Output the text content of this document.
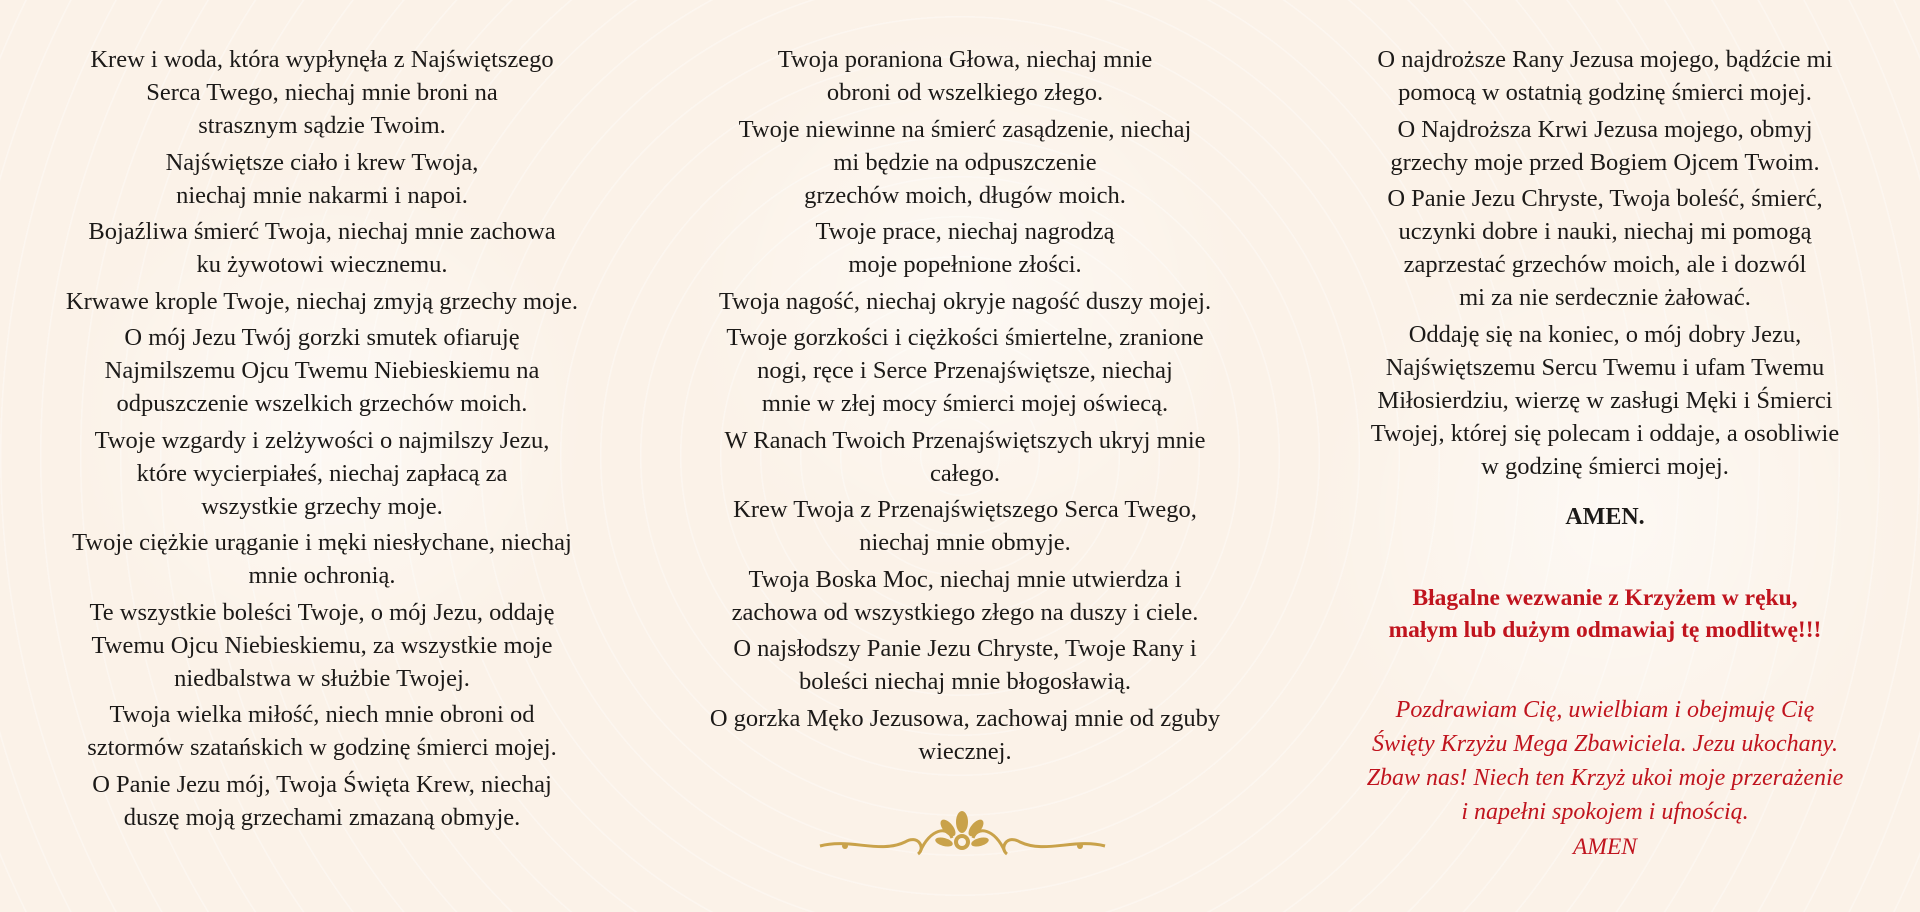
Krew i woda, która wypłynęła z Najświętszego
Serca Twego, niechaj mnie broni na
strasznym sądzie Twoim.
Najświętsze ciało i krew Twoja,
niechaj mnie nakarmi i napoi.
Bojaźliwa śmierć Twoja, niechaj mnie zachowa
ku żywotowi wiecznemu.
Krwawe krople Twoje, niechaj zmyją grzechy moje.
O mój Jezu Twój gorzki smutek ofiaruję
Najmilszemu Ojcu Twemu Niebieskiemu na
odpuszczenie wszelkich grzechów moich.
Twoje wzgardy i zelżywości o najmilszy Jezu,
które wycierpiałeś, niechaj zapłacą za
wszystkie grzechy moje.
Twoje ciężkie urąganie i męki niesłychane, niechaj
mnie ochronią.
Te wszystkie boleści Twoje, o mój Jezu, oddaję
Twemu Ojcu Niebieskiemu, za wszystkie moje
niedbalstwa w służbie Twojej.
Twoja wielka miłość, niech mnie obroni od
sztormów szatańskich w godzinę śmierci mojej.
O Panie Jezu mój, Twoja Święta Krew, niechaj
duszę moją grzechami zmazaną obmyje.
Twoja poraniona Głowa, niechaj mnie
obroni od wszelkiego złego.
Twoje niewinne na śmierć zasądzenie, niechaj
mi będzie na odpuszczenie
grzechów moich, długów moich.
Twoje prace, niechaj nagrodzą
moje popełnione złości.
Twoja nagość, niechaj okryje nagość duszy mojej.
Twoje gorzkości i ciężkości śmiertelne, zranione
nogi, ręce i Serce Przenajświętsze, niechaj
mnie w złej mocy śmierci mojej oświecą.
W Ranach Twoich Przenajświętszych ukryj mnie
całego.
Krew Twoja z Przenajświętszego Serca Twego,
niechaj mnie obmyje.
Twoja Boska Moc, niechaj mnie utwierdza i
zachowa od wszystkiego złego na duszy i ciele.
O najsłodszy Panie Jezu Chryste, Twoje Rany i
boleści niechaj mnie błogosławią.
O gorzka Męko Jezusowa, zachowaj mnie od zguby
wiecznej.
O najdroższe Rany Jezusa mojego, bądźcie mi
pomocą w ostatnią godzinę śmierci mojej.
O Najdroższa Krwi Jezusa mojego, obmyj
grzechy moje przed Bogiem Ojcem Twoim.
O Panie Jezu Chryste, Twoja boleść, śmierć,
uczynki dobre i nauki, niechaj mi pomogą
zaprzestać grzechów moich, ale i dozwól
mi za nie serdecznie żałować.
Oddaję się na koniec, o mój dobry Jezu,
Najświętszemu Sercu Twemu i ufam Twemu
Miłosierdziu, wierzę w zasługi Męki i Śmierci
Twojej, której się polecam i oddaje, a osobliwie
w godzinę śmierci mojej.
AMEN.
Błagalne wezwanie z Krzyżem w ręku,
małym lub dużym odmawiaj tę modlitwę!!!
Pozdrawiam Cię, uwielbiam i obejmuję Cię
Święty Krzyżu Mega Zbawiciela. Jezu ukochany.
Zbaw nas! Niech ten Krzyż ukoi moje przerażenie
i napełni spokojem i ufnością.
AMEN
